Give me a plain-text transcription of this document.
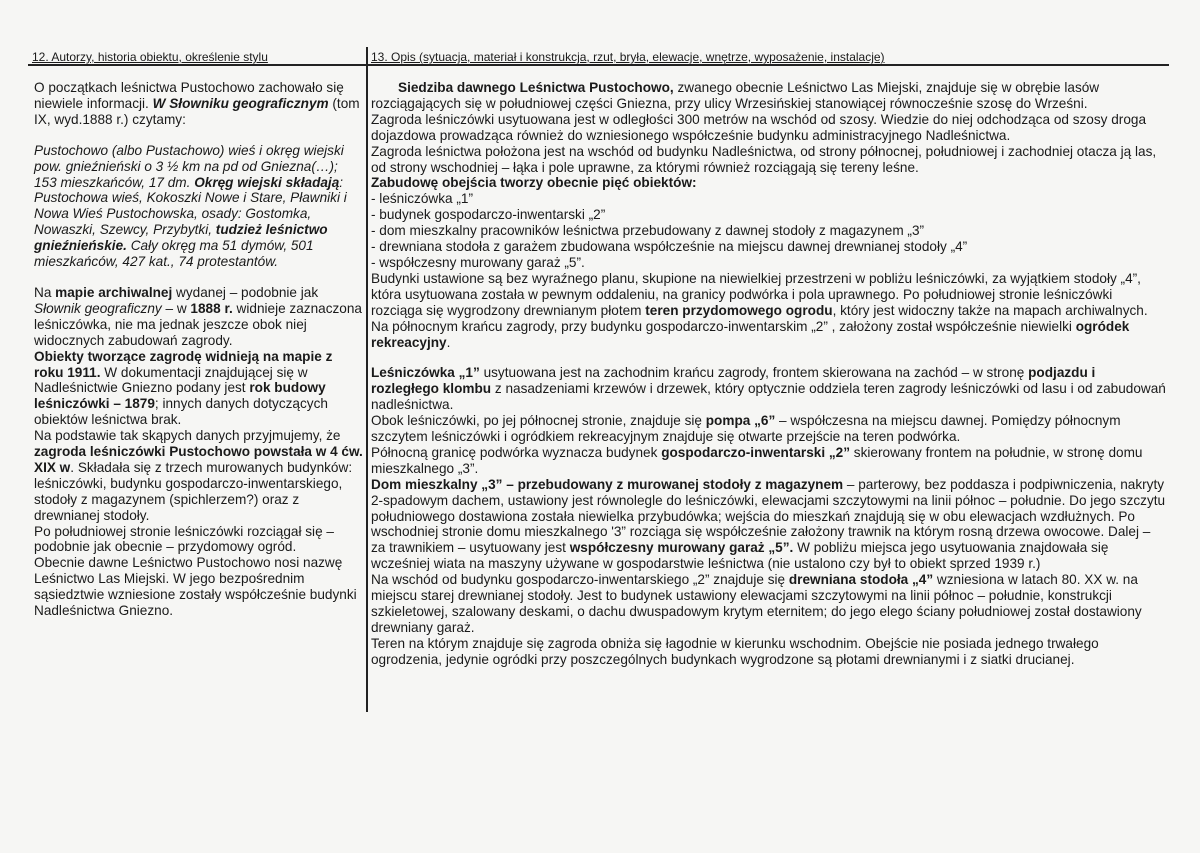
12. Autorzy, historia obiektu, określenie stylu	13. Opis (sytuacja, materiał i konstrukcja, rzut, bryła, elewacje, wnętrze, wyposażenie, instalacje)

O początkach leśnictwa Pustochowo zachowało się niewiele informacji. W Słowniku geograficznym (tom IX, wyd.1888 r.) czytamy:

Pustochowo (albo Pustachowo) wieś i okręg wiejski pow. gnieźnieński o 3 ½ km na pd od Gniezna(…); 153 mieszkańców, 17 dm. Okręg wiejski składają: Pustochowa wieś, Kokoszki Nowe i Stare, Pławniki i Nowa Wieś Pustochowska, osady: Gostomka, Nowaszki, Szewcy, Przybytki, tudzież leśnictwo gnieźnieńskie. Cały okręg ma 51 dymów, 501 mieszkańców, 427 kat., 74 protestantów.

Na mapie archiwalnej wydanej – podobnie jak Słownik geograficzny – w 1888 r. widnieje zaznaczona leśniczówka, nie ma jednak jeszcze obok niej widocznych zabudowań zagrody.

Obiekty tworzące zagrodę widnieją na mapie z roku 1911. W dokumentacji znajdującej się w Nadleśnictwie Gniezno podany jest rok budowy leśniczówki – 1879; innych danych dotyczących obiektów leśnictwa brak.

Na podstawie tak skąpych danych przyjmujemy, że zagroda leśniczówki Pustochowo powstała w 4 ćw. XIX w. Składała się z trzech murowanych budynków: leśniczówki, budynku gospodarczo-inwentarskiego, stodoły z magazynem (spichlerzem?) oraz z drewnianej stodoły.

Po południowej stronie leśniczówki rozciągał się – podobnie jak obecnie – przydomowy ogród.

Obecnie dawne Leśnictwo Pustochowo nosi nazwę Leśnictwo Las Miejski. W jego bezpośrednim sąsiedztwie wzniesione zostały współcześnie budynki Nadleśnictwa Gniezno.

Siedziba dawnego Leśnictwa Pustochowo, zwanego obecnie Leśnictwo Las Miejski, znajduje się w obrębie lasów rozciągających się w południowej części Gniezna, przy ulicy Wrzesińskiej stanowiącej równocześnie szosę do Wrześni.

Zagroda leśniczówki usytuowana jest w odległości 300 metrów na wschód od szosy. Wiedzie do niej odchodząca od szosy droga dojazdowa prowadząca również do wzniesionego współcześnie budynku administracyjnego Nadleśnictwa.

Zagroda leśnictwa położona jest na wschód od budynku Nadleśnictwa, od strony północnej, południowej i zachodniej otacza ją las, od strony wschodniej – łąka i pole uprawne, za którymi również rozciągają się tereny leśne.

Zabudowę obejścia tworzy obecnie pięć obiektów:

- leśniczówka „1”

- budynek gospodarczo-inwentarski „2”

- dom mieszkalny pracowników leśnictwa przebudowany z dawnej stodoły z magazynem „3”

- drewniana stodoła z garażem zbudowana współcześnie na miejscu dawnej drewnianej stodoły „4”

- współczesny murowany garaż „5”.

Budynki ustawione są bez wyraźnego planu, skupione na niewielkiej przestrzeni w pobliżu leśniczówki, za wyjątkiem stodoły „4”, która usytuowana została w pewnym oddaleniu, na granicy podwórka i pola uprawnego. Po południowej stronie leśniczówki rozciąga się wygrodzony drewnianym płotem teren przydomowego ogrodu, który jest widoczny także na mapach archiwalnych. Na północnym krańcu zagrody, przy budynku gospodarczo-inwentarskim „2” , założony został współcześnie niewielki ogródek rekreacyjny.

Leśniczówka „1” usytuowana jest na zachodnim krańcu zagrody, frontem skierowana na zachód – w stronę podjazdu i rozległego klombu z nasadzeniami krzewów i drzewek, który optycznie oddziela teren zagrody leśniczówki od lasu i od zabudowań nadleśnictwa.

Obok leśniczówki, po jej północnej stronie, znajduje się pompa „6” – współczesna na miejscu dawnej. Pomiędzy północnym szczytem leśniczówki i ogródkiem rekreacyjnym znajduje się otwarte przejście na teren podwórka.

Północną granicę podwórka wyznacza budynek gospodarczo-inwentarski „2” skierowany frontem na południe, w stronę domu mieszkalnego „3”.

Dom mieszkalny „3” – przebudowany z murowanej stodoły z magazynem – parterowy, bez poddasza i podpiwniczenia, nakryty 2-spadowym dachem, ustawiony jest równolegle do leśniczówki, elewacjami szczytowymi na linii północ – południe. Do jego szczytu południowego dostawiona została niewielka przybudówka; wejścia do mieszkań znajdują się w obu elewacjach wzdłużnych. Po wschodniej stronie domu mieszkalnego '3” rozciąga się współcześnie założony trawnik na którym rosną drzewa owocowe. Dalej – za trawnikiem – usytuowany jest współczesny murowany garaż „5”. W pobliżu miejsca jego usytuowania znajdowała się wcześniej wiata na maszyny używane w gospodarstwie leśnictwa (nie ustalono czy był to obiekt sprzed 1939 r.)

Na wschód od budynku gospodarczo-inwentarskiego „2” znajduje się drewniana stodoła „4” wzniesiona w latach 80. XX w. na miejscu starej drewnianej stodoły. Jest to budynek ustawiony elewacjami szczytowymi na linii północ – południe, konstrukcji szkieletowej, szalowany deskami, o dachu dwuspadowym krytym eternitem; do jego elego ściany południowej został dostawiony drewniany garaż.

Teren na którym znajduje się zagroda obniża się łagodnie w kierunku wschodnim. Obejście nie posiada jednego trwałego ogrodzenia, jedynie ogródki przy poszczególnych budynkach wygrodzone są płotami drewnianymi i z siatki drucianej.
